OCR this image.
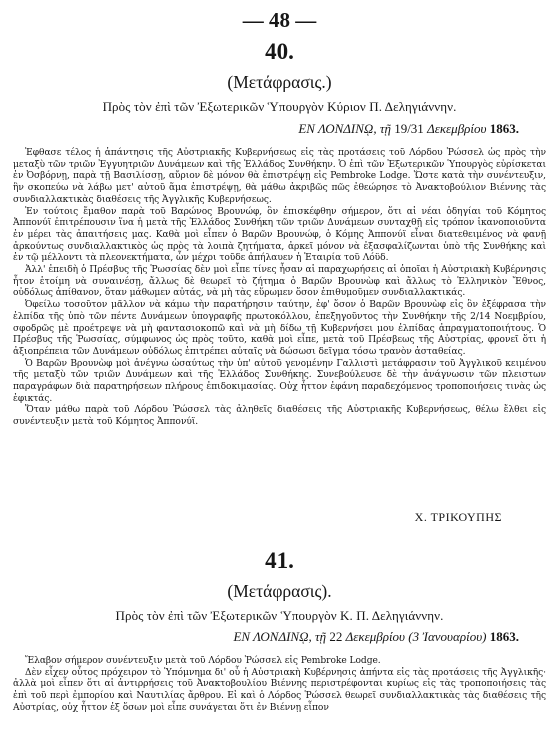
— 48 —
40.
(Μετάφρασις.)
Πρὸς τὸν ἐπὶ τῶν Ἐξωτερικῶν Ὑπουργὸν Κύριον Π. Δεληγιάννην.
ΕΝ ΛΟΝΔΙΝῼ, τῇ 19/31 Δεκεμβρίου 1863.

Ἐφθασε τέλος ἡ ἀπάντησις τῆς Αὐστριακῆς Κυβερνήσεως εἰς τὰς προτάσεις τοῦ Λόρδου Ῥώσσελ ὡς πρὸς τὴν μεταξὺ τῶν τριῶν Ἐγγυητριῶν Δυνάμεων καὶ τῆς Ἑλλάδος Συνθήκην. Ὁ ἐπὶ τῶν Ἐξωτερικῶν Ὑπουργὸς εὑρίσκεται ἐν Ὀσβόρνῃ, παρὰ τῇ Βασιλίσσῃ, αὔριον δὲ μόνον θὰ ἐπιστρέψῃ εἰς Pembroke Lodge. Ὥστε κατὰ τὴν συνέντευξιν, ἣν σκοπεύω νὰ λάβω μετ' αὐτοῦ ἅμα ἐπιστρέψῃ, θὰ μάθω ἀκριβῶς πῶς ἐθεώρησε τὸ Ἀνακτοβούλιον Βιέννης τὰς συνδιαλλακτικὰς διαθέσεις τῆς Ἀγγλικῆς Κυβερνήσεως.

Ἐν τούτοις ἔμαθον παρὰ τοῦ Βαρώνος Βρουνώφ, ὃν ἐπισκέφθην σήμερον, ὅτι αἱ νέαι ὁδηγίαι τοῦ Κόμητος Ἀππονύϊ ἐπιτρέπουσιν ἵνα ἡ μετὰ τῆς Ἑλλάδος Συνθήκη τῶν τριῶν Δυνάμεων συνταχθῇ εἰς τρόπον ἱκανοποιοῦντα ἐν μέρει τὰς ἀπαιτήσεις μας. Καθὰ μοὶ εἶπεν ὁ Βαρῶν Βρουνώφ, ὁ Κόμης Ἀππονύϊ εἶναι διατεθειμένος νὰ φανῇ ἀρκούντως συνδιαλλακτικὸς ὡς πρὸς τὰ λοιπὰ ζητήματα, ἀρκεῖ μόνον νὰ ἐξασφαλίζωνται ὑπὸ τῆς Συνθήκης καὶ ἐν τῷ μέλλοντι τὰ πλεονεκτήματα, ὧν μέχρι τοῦδε ἀπήλαυεν ἡ Ἑταιρία τοῦ Λόϋδ.

Ἀλλ' ἐπειδὴ ὁ Πρέσβυς τῆς Ῥωσσίας δὲν μοὶ εἶπε τίνες ἦσαν αἱ παραχωρήσεις αἱ ὁποῖαι ἡ Αὐστριακὴ Κυβέρνησις ἦτον ἑτοίμη νὰ συναινέσῃ, ἄλλως δὲ θεωρεῖ τὸ ζήτημα ὁ Βαρῶν Βρουνὼφ καὶ ἄλλως τὸ Ἑλληνικὸν Ἔθνος, οὐδόλως ἀπίθανον, ὅταν μάθωμεν αὐτάς, νὰ μὴ τὰς εὕρωμεν ὅσον ἐπιθυμοῦμεν συνδιαλλακτικάς.

Ὀφείλω τοσοῦτον μᾶλλον νὰ κάμω τὴν παρατήρησιν ταύτην, ἐφ' ὅσον ὁ Βαρῶν Βρουνὼφ εἰς ὃν ἐξέφρασα τὴν ἐλπίδα τῆς ὑπὸ τῶν πέντε Δυνάμεων ὑπογραφῆς πρωτοκόλλου, ἐπεξηγοῦντος τὴν Συνθήκην τῆς 2/14 Νοεμβρίου, σφοδρῶς μὲ προέτρεψε νὰ μὴ φαντασιοκοπῶ καὶ νὰ μὴ δίδω τῇ Κυβερνήσει μου ἐλπίδας ἀπραγματοποιήτους. Ὁ Πρέσβυς τῆς Ῥωσσίας, σύμφωνος ὡς πρὸς τοῦτο, καθὰ μοὶ εἶπε, μετὰ τοῦ Πρέσβεως τῆς Αὐστρίας, φρονεῖ ὅτι ἡ ἀξιοπρέπεια τῶν Δυνάμεων οὐδόλως ἐπιτρέπει αὐταῖς νὰ δώσωσι δεῖγμα τόσω τρανὸν ἀσταθείας.

Ὁ Βαρῶν Βρουνὼφ μοὶ ἀνέγνω ὡσαύτως τὴν ὑπ' αὐτοῦ γενομένην Γαλλιστὶ μετάφρασιν τοῦ Ἀγγλικοῦ κειμένου τῆς μεταξὺ τῶν τριῶν Δυνάμεων καὶ τῆς Ἑλλάδος Συνθήκης. Συνεβούλευσε δὲ τὴν ἀνάγνωσιν τῶν πλειστων παραγράφων διὰ παρατηρήσεων πλήρους ἐπιδοκιμασίας. Οὐχ ἧττον ἐφάνη παραδεχόμενος τροποποιήσεις τινὰς ὡς ἐφικτάς.

Ὅταν μάθω παρὰ τοῦ Λόρδου Ῥώσσελ τὰς ἀληθεῖς διαθέσεις τῆς Αὐστριακῆς Κυβερνήσεως, θέλω ἔλθει εἰς συνέντευξιν μετὰ τοῦ Κόμητος Ἀππονύϊ.

Χ. ΤΡΙΚΟΥΠΗΣ
41.
(Μετάφρασις).
Πρὸς τὸν ἐπὶ τῶν Ἐξωτερικῶν Ὑπουργὸν Κ. Π. Δεληγιάννην.
ΕΝ ΛΟΝΔΙΝῼ, τῇ 22 Δεκεμβρίου (3 Ἰανουαρίου) 1863.

Ἔλαβον σήμερον συνέντευξιν μετὰ τοῦ Λόρδου Ῥώσσελ εἰς Pembroke Lodge.

Δὲν εἶχεν οὗτος πρόχειρον τὸ Ὑπόμνημα δι' οὗ ἡ Αὐστριακὴ Κυβέρνησις ἀπήντα εἰς τὰς προτάσεις τῆς Ἀγγλικῆς· ἀλλὰ μοὶ εἶπεν ὅτι αἱ ἀντιρρήσεις τοῦ Ἀνακτοβουλίου Βιέννης περιστρέφονται κυρίως εἰς τὰς τροποποιήσεις τὰς ἐπὶ τοῦ περὶ ἐμπορίου καὶ Ναυτιλίας ἄρθρου. Εἰ καὶ ὁ Λόρδος Ῥώσσελ θεωρεῖ συνδιαλλακτικὰς τὰς διαθέσεις τῆς Αὐστρίας, οὐχ ἧττον ἐξ ὅσων μοὶ εἶπε συνάγεται ὅτι ἐν Βιέννῃ εἶπον
